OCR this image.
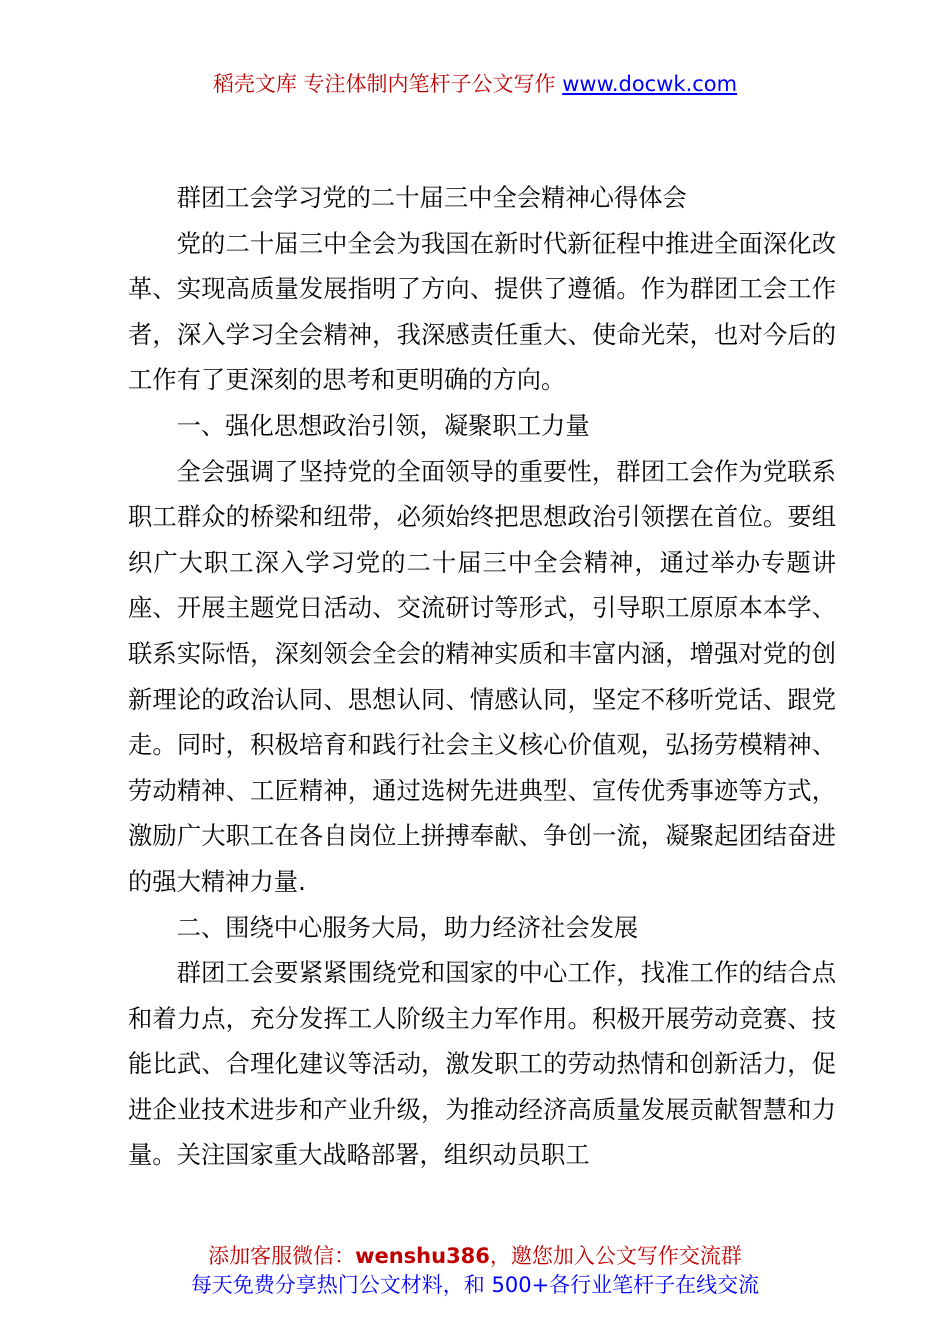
稻壳文库 专注体制内笔杆子公文写作 www.docwk.com

群团工会学习党的二十届三中全会精神心得体会

党的二十届三中全会为我国在新时代新征程中推进全面深化改革、实现高质量发展指明了方向、提供了遵循。作为群团工会工作者，深入学习全会精神，我深感责任重大、使命光荣，也对今后的工作有了更深刻的思考和更明确的方向。

一、强化思想政治引领，凝聚职工力量

全会强调了坚持党的全面领导的重要性，群团工会作为党联系职工群众的桥梁和纽带，必须始终把思想政治引领摆在首位。要组织广大职工深入学习党的二十届三中全会精神，通过举办专题讲座、开展主题党日活动、交流研讨等形式，引导职工原原本本学、联系实际悟，深刻领会全会的精神实质和丰富内涵，增强对党的创新理论的政治认同、思想认同、情感认同，坚定不移听党话、跟党走。同时，积极培育和践行社会主义核心价值观，弘扬劳模精神、劳动精神、工匠精神，通过选树先进典型、宣传优秀事迹等方式，激励广大职工在各自岗位上拼搏奉献、争创一流，凝聚起团结奋进的强大精神力量.

二、围绕中心服务大局，助力经济社会发展

群团工会要紧紧围绕党和国家的中心工作，找准工作的结合点和着力点，充分发挥工人阶级主力军作用。积极开展劳动竞赛、技能比武、合理化建议等活动，激发职工的劳动热情和创新活力，促进企业技术进步和产业升级，为推动经济高质量发展贡献智慧和力量。关注国家重大战略部署，组织动员职工

添加客服微信：wenshu386，邀您加入公文写作交流群
每天免费分享热门公文材料，和 500+各行业笔杆子在线交流
